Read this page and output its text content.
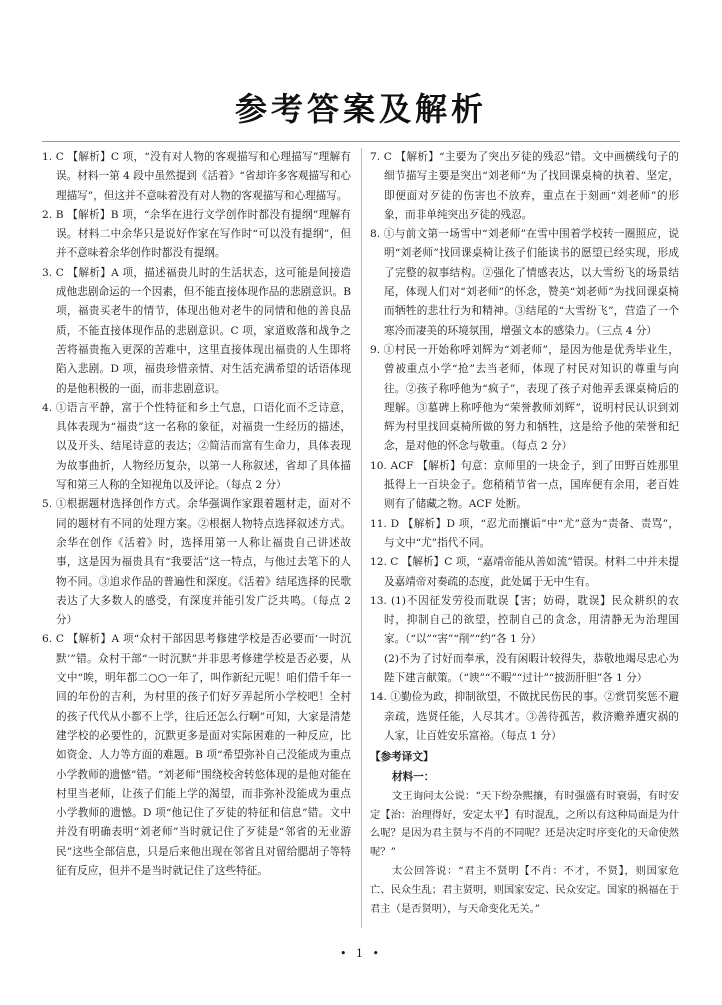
参考答案及解析
1. C 【解析】C 项，“没有对人物的客观描写和心理描写”理解有误。材料一第 4 段中虽然提到《活着》“省却许多客观描写和心理描写”，但这并不意味着没有对人物的客观描写和心理描写。
2. B 【解析】B 项，“余华在进行文学创作时都没有提纲”理解有误。材料二中余华只是说好作家在写作时“可以没有提纲”，但并不意味着余华创作时都没有提纲。
3. C 【解析】A 项，描述福贵儿时的生活状态，这可能是间接造成他悲剧命运的一个因素，但不能直接体现作品的悲剧意识。B 项，福贵买老牛的情节，体现出他对老牛的同情和他的善良品质，不能直接体现作品的悲剧意识。C 项，家道败落和战争之苦将福贵拖入更深的苦难中，这里直接体现出福贵的人生即将陷入悲剧。D 项，福贵珍惜亲情、对生活充满希望的话语体现的是他积极的一面，而非悲剧意识。
4. ①语言平静，富于个性特征和乡土气息，口语化而不乏诗意，具体表现为“福贵”这一名称的象征，对福贵一生经历的描述，以及开头、结尾诗意的表达；②简洁而富有生命力，具体表现为故事曲折，人物经历复杂，以第一人称叙述，省却了具体描写和第三人称的全知视角以及评论。（每点 2 分）
5. ①根据题材选择创作方式。余华强调作家跟着题材走，面对不同的题材有不同的处理方案。②根据人物特点选择叙述方式。余华在创作《活着》时，选择用第一人称让福贵自己讲述故事，这是因为福贵具有“我要活”这一特点，与他过去笔下的人物不同。③追求作品的普遍性和深度。《活着》结尾选择的民歌表达了大多数人的感受，有深度并能引发广泛共鸣。（每点 2 分）
6. C 【解析】A 项“众村干部因思考修建学校是否必要而‘一时沉默’”错。众村干部“一时沉默”并非思考修建学校是否必要，从文中“唉，明年都二○○一年了，叫作新纪元呢！咱们借千年一回的年份的吉利，为村里的孩子们好歹弄起所小学校吧！全村的孩子代代从小都不上学，往后还怎么行啊”可知，大家是清楚建学校的必要性的，沉默更多是面对实际困难的一种反应，比如资金、人力等方面的难题。B 项“希望弥补自己没能成为重点小学教师的遗憾”错。“刘老师”围绕校舍转悠体现的是他对能在村里当老师，让孩子们能上学的渴望，而非弥补没能成为重点小学教师的遗憾。D 项“他记住了歹徒的特征和信息”错。文中并没有明确表明“刘老师”当时就记住了歹徒是“邻省的无业游民”这些全部信息，只是后来他出现在邻省且对留给腮胡子等特征有反应，但并不是当时就记住了这些特征。
7. C 【解析】“主要为了突出歹徒的残忍”错。文中画横线句子的细节描写主要是突出“刘老师”为了找回课桌椅的执着、坚定，即便面对歹徒的伤害也不放弃，重点在于刻画“刘老师”的形象，而非单纯突出歹徒的残忍。
8. ①与前文第一场雪中“刘老师”在雪中围着学校转一圈照应，说明“刘老师”找回课桌椅让孩子们能读书的愿望已经实现，形成了完整的叙事结构。②强化了情感表达，以大雪纷飞的场景结尾，体现人们对“刘老师”的怀念，赞美“刘老师”为找回课桌椅而牺牲的悲壮行为和精神。③结尾的“大雪纷飞”，营造了一个寒冷而凄美的环境氛围，增强文本的感染力。（三点 4 分）
9. ①村民一开始称呼刘辉为“刘老师”，是因为他是优秀毕业生，曾被重点小学“抢”去当老师，体现了村民对知识的尊重与向往。②孩子称呼他为“疯子”，表现了孩子对他弄丢课桌椅后的理解。③墓碑上称呼他为“荣誉教师刘辉”，说明村民认识到刘辉为村里找回桌椅所做的努力和牺牲，这是给予他的荣誉和纪念，是对他的怀念与敬重。（每点 2 分）
10. ACF 【解析】句意：京师里的一块金子，到了田野百姓那里抵得上一百块金子。您稍稍节省一点，国库便有余用，老百姓则有了储藏之物。ACF 处断。
11. D 【解析】D 项，“忍尤而攘诟”中“尤”意为“责备、责骂”，与文中“尤”指代不同。
12. C 【解析】C 项，“嘉靖帝能从善如流”错误。材料二中并未提及嘉靖帝对奏疏的态度，此处属于无中生有。
13. (1)不因征发劳役而耽误【害；妨碍，耽误】民众耕织的农时，抑制自己的欲望，控制自己的贪念，用清静无为治理国家。（“以”“害”“削”“约”各 1 分）
(2)不为了讨好而奉承，没有闲暇计较得失，恭敬地竭尽忠心为陛下建言献策。（“谀”“不暇”“过计”“披沥肝胆”各 1 分）
14. ①勤俭为政，抑制欲望，不做扰民伤民的事。②赏罚奖惩不避亲疏，选贤任能，人尽其才。③善待孤苦，救济赡养遭灾祸的人家，让百姓安乐富裕。（每点 1 分）
【参考译文】
材料一：
文王询问太公说：“天下纷杂熙攘，有时强盛有时衰弱，有时安定【治：治理得好，安定太平】有时混乱，之所以有这种局面是为什么呢？是因为君主贤与不肖的不同呢？还是决定时序变化的天命使然呢？”
太公回答说：“君主不贤明【不肖：不才，不贤】，则国家危亡、民众生乱；君主贤明，则国家安定、民众安定。国家的祸福在于君主（是否贤明），与天命变化无关。”
• 1 •
